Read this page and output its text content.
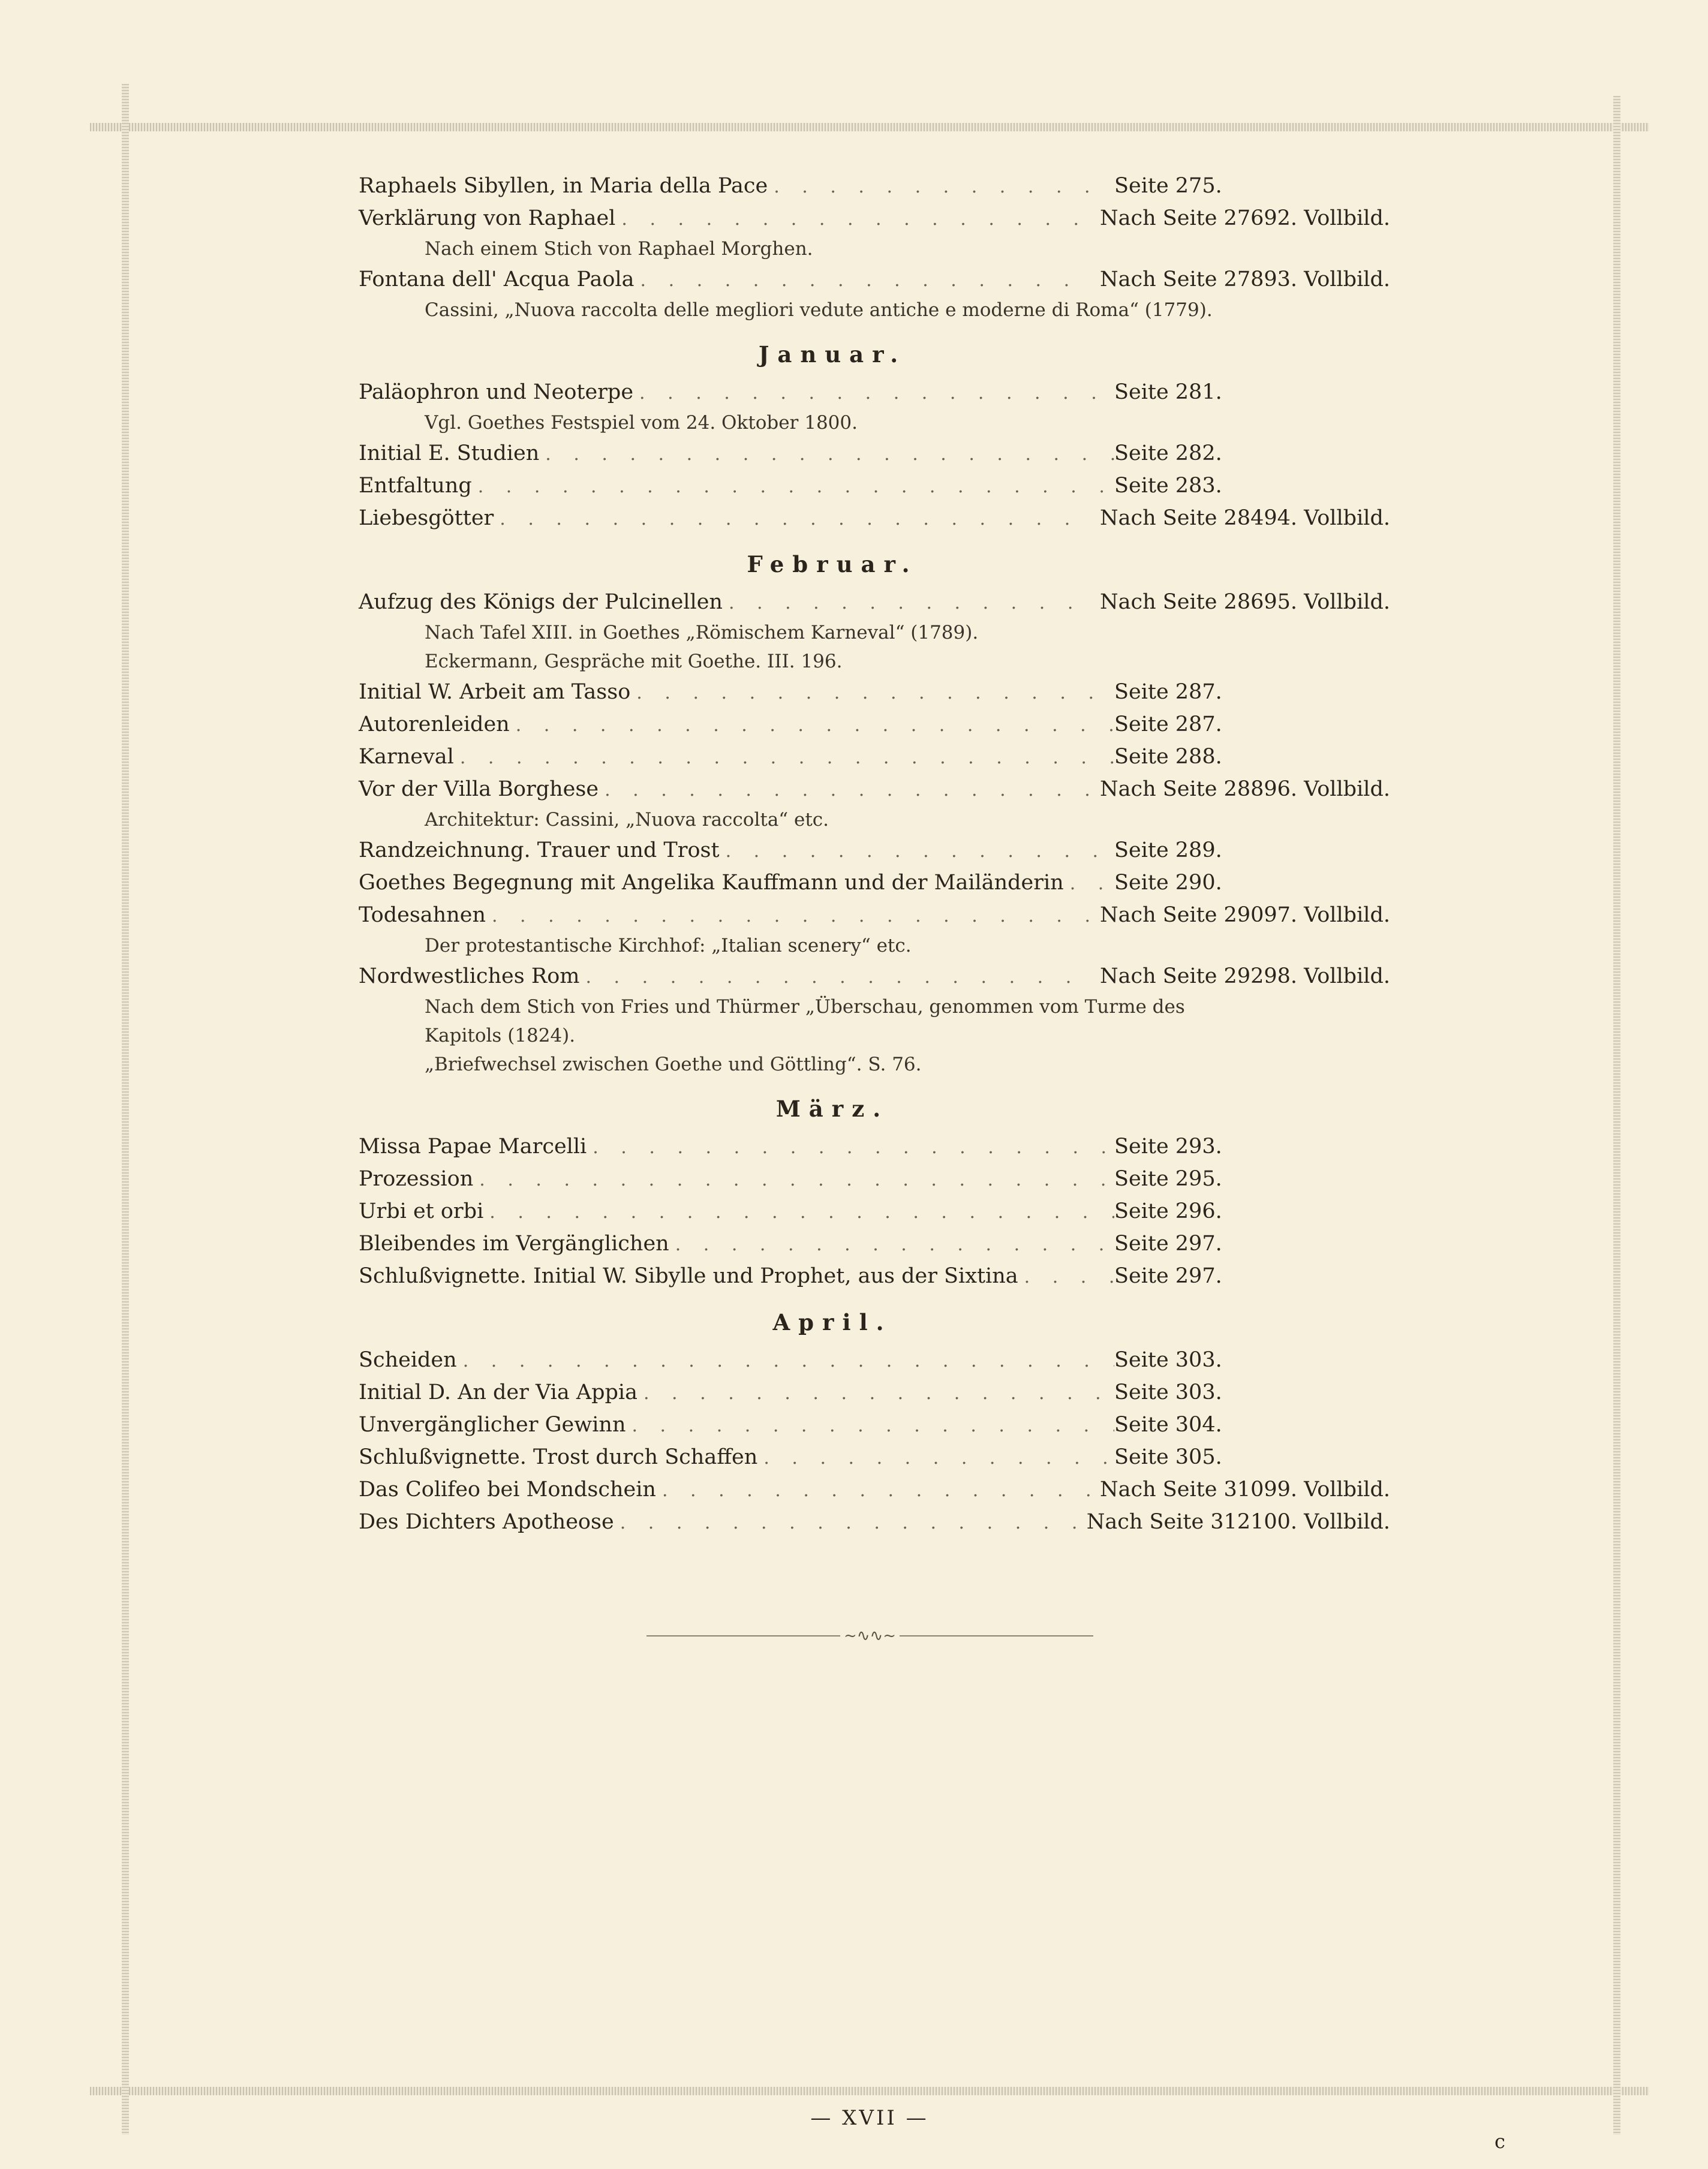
Raphaels Sibyllen, in Maria della Pace . . .	Seite 275.
Verklärung von Raphael . . .	Nach Seite 276 92. Vollbild.
Nach einem Stich von Raphael Morghen.
Fontana dell' Acqua Paola . . .	Nach Seite 278 93. Vollbild.
Cassini, „Nuova raccolta delle megliori vedute antiche e moderne di Roma“ (1779).
Januar.
Paläophron und Neoterpe . . .	Seite 281.
Vgl. Goethes Festspiel vom 24. Oktober 1800.
Initial E. Studien . . .	Seite 282.
Entfaltung . . .	Seite 283.
Liebesgötter . . .	Nach Seite 284 94. Vollbild.
Februar.
Aufzug des Königs der Pulcinellen . . .	Nach Seite 286 95. Vollbild.
Nach Tafel XIII. in Goethes „Römischem Karneval“ (1789).
Eckermann, Gespräche mit Goethe. III. 196.
Initial W. Arbeit am Tasso . . .	Seite 287.
Autorenleiden . . .	Seite 287.
Karneval . . .	Seite 288.
Vor der Villa Borghese . . .	Nach Seite 288 96. Vollbild.
Architektur: Cassini, „Nuova raccolta“ etc.
Randzeichnung. Trauer und Trost . . .	Seite 289.
Goethes Begegnung mit Angelika Kauffmann und der Mailänderin . . . Seite 290.
Todesahnen . . .	Nach Seite 290 97. Vollbild.
Der protestantische Kirchhof: „Italian scenery“ etc.
Nordwestliches Rom . . .	Nach Seite 292 98. Vollbild.
Nach dem Stich von Fries und Thürmer „Überschau, genommen vom Turme des Kapitols (1824).
„Briefwechsel zwischen Goethe und Göttling“. S. 76.
März.
Missa Papae Marcelli . . .	Seite 293.
Prozession . . .	Seite 295.
Urbi et orbi . . .	Seite 296.
Bleibendes im Vergänglichen . . .	Seite 297.
Schlußvignette. Initial W. Sibylle und Prophet, aus der Sixtina . . .	Seite 297.
April.
Scheiden . . .	Seite 303.
Initial D. An der Via Appia . . .	Seite 303.
Unvergänglicher Gewinn . . .	Seite 304.
Schlußvignette. Trost durch Schaffen . . .	Seite 305.
Das Colifeo bei Mondschein . . .	Nach Seite 310 99. Vollbild.
Des Dichters Apotheose . . .	Nach Seite 312 100. Vollbild.
~∿∿~
— XVII —
c
